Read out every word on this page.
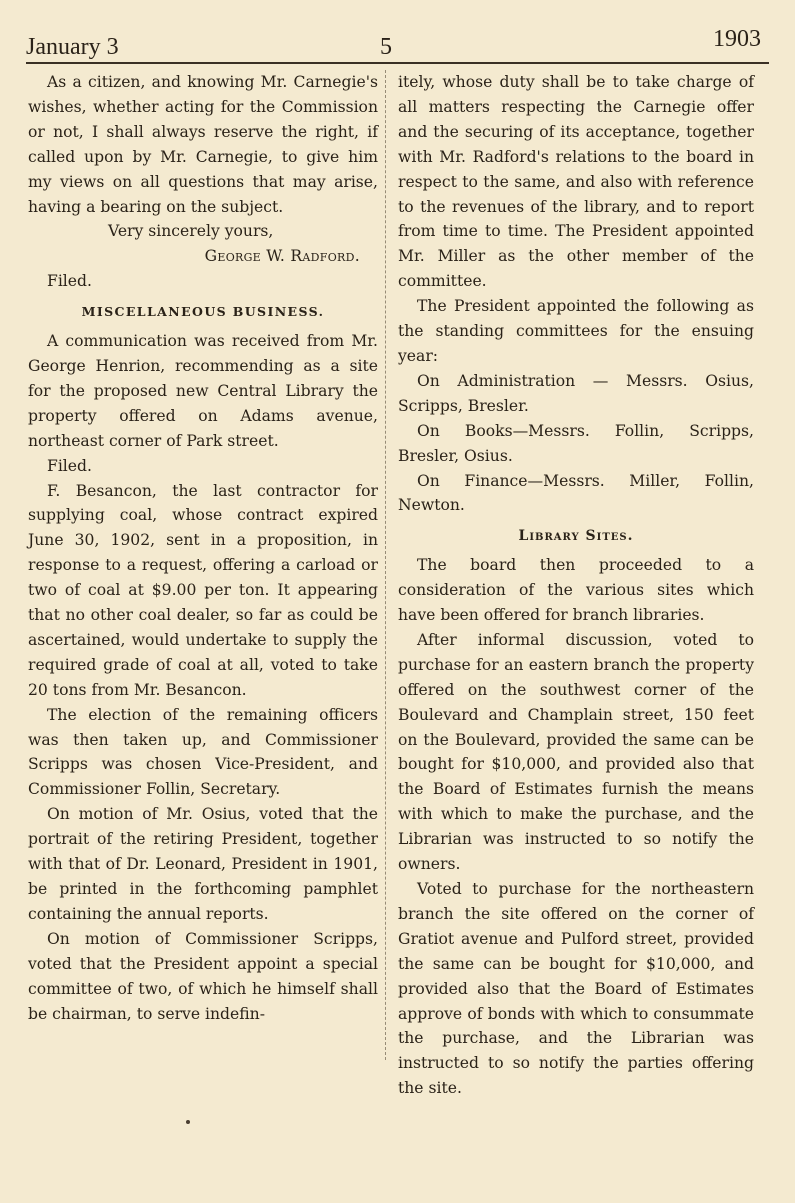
January 3	5	1903

As a citizen, and knowing Mr. Carnegie's wishes, whether acting for the Commission or not, I shall always reserve the right, if called upon by Mr. Carnegie, to give him my views on all questions that may arise, having a bearing on the subject.

Very sincerely yours,

George W. Radford.

Filed.

MISCELLANEOUS BUSINESS.

A communication was received from Mr. George Henrion, recommending as a site for the proposed new Central Library the property offered on Adams avenue, northeast corner of Park street.

Filed.

F. Besancon, the last contractor for supplying coal, whose contract expired June 30, 1902, sent in a proposition, in response to a request, offering a carload or two of coal at $9.00 per ton. It appearing that no other coal dealer, so far as could be ascertained, would undertake to supply the required grade of coal at all, voted to take 20 tons from Mr. Besancon.

The election of the remaining officers was then taken up, and Commissioner Scripps was chosen Vice-President, and Commissioner Follin, Secretary.

On motion of Mr. Osius, voted that the portrait of the retiring President, together with that of Dr. Leonard, President in 1901, be printed in the forthcoming pamphlet containing the annual reports.

On motion of Commissioner Scripps, voted that the President appoint a special committee of two, of which he himself shall be chairman, to serve indefin-

itely, whose duty shall be to take charge of all matters respecting the Carnegie offer and the securing of its acceptance, together with Mr. Radford's relations to the board in respect to the same, and also with reference to the revenues of the library, and to report from time to time. The President appointed Mr. Miller as the other member of the committee.

The President appointed the following as the standing committees for the ensuing year:

On Administration — Messrs. Osius, Scripps, Bresler.

On Books—Messrs. Follin, Scripps, Bresler, Osius.

On Finance—Messrs. Miller, Follin, Newton.

Library Sites.

The board then proceeded to a consideration of the various sites which have been offered for branch libraries.

After informal discussion, voted to purchase for an eastern branch the property offered on the southwest corner of the Boulevard and Champlain street, 150 feet on the Boulevard, provided the same can be bought for $10,000, and provided also that the Board of Estimates furnish the means with which to make the purchase, and the Librarian was instructed to so notify the owners.

Voted to purchase for the northeastern branch the site offered on the corner of Gratiot avenue and Pulford street, provided the same can be bought for $10,000, and provided also that the Board of Estimates approve of bonds with which to consummate the purchase, and the Librarian was instructed to so notify the parties offering the site.
